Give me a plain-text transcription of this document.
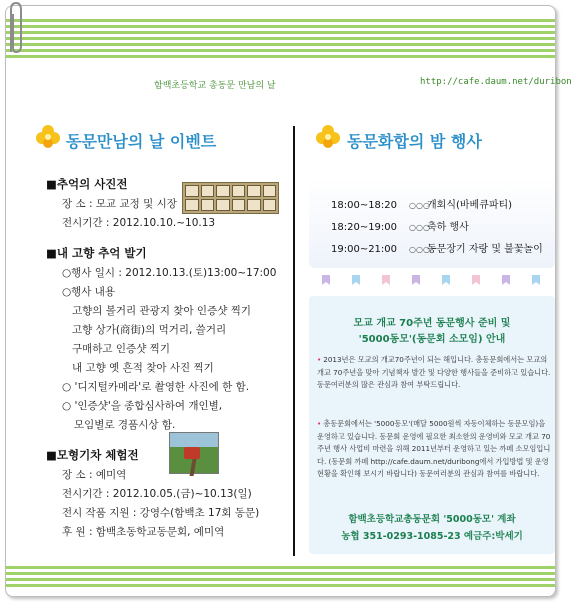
함백초등학교 총동문 만남의 날	http://cafe.daum.net/duribon
동문만남의 날 이벤트	동문화합의 밤 행사
■추억의 사진전
장 소 : 모교 교정 및 시장
전시기간 : 2012.10.10.~10.13
■내 고향 추억 발기
○행사 일시 : 2012.10.13.(토)13:00~17:00
○행사 내용
고향의 볼거리 관광지 찾아 인증샷 찍기
고향 상가(商街)의 먹거리, 쓸거리
구매하고 인증샷 찍기
내 고향 옛 흔적 찾아 사진 찍기
○ '디지털카메라'로 촬영한 사진에 한 함.
○ '인증샷'을 종합심사하여 개인별,
모임별로 경품시상 함.
■모형기차 체험전
장 소 : 예미역
전시기간 : 2012.10.05.(금)~10.13(일)
전시 작품 지원 : 강영수(함백초 17회 동문)
후 원 : 함백초동학교동문회, 예미역
18:00~18:20 ○○○개회식(바베큐파티)
18:20~19:00 ○○○축하 행사
19:00~21:00 ○○○동문장기 자랑 및 불꽃놀이
모교 개교 70주년 동문행사 준비 및
'5000동모'(동문회 소모임) 안내
• 2013년은 모교의 개교70주년이 되는 해입니다. 총동문회에서는 모교의 개교 70주년을 맞아 기념책자 발간 및 다양한 행사들을 준비하고 있습니다. 동문여러분의 많은 관심과 참여 부탁드립니다.
• 총동문회에서는 '5000동모'(매달 5000원씩 자동이체하는 동문모임)을 운영하고 있습니다. 동문회 운영에 필요한 최소한의 운영비와 모교 개교 70주년 행사 사업비 마련을 위해 2011년부터 운영하고 있는 까페 소모임입니다. (동문회 까페 http://cafe.daum.net/duribong에서 가입방법 및 운영현황을 확인해 보시기 바랍니다) 동문여러분의 관심과 참여를 바랍니다.
함백초등학교총동문회 '5000동모' 계좌
농협 351-0293-1085-23 예금주:박세기
